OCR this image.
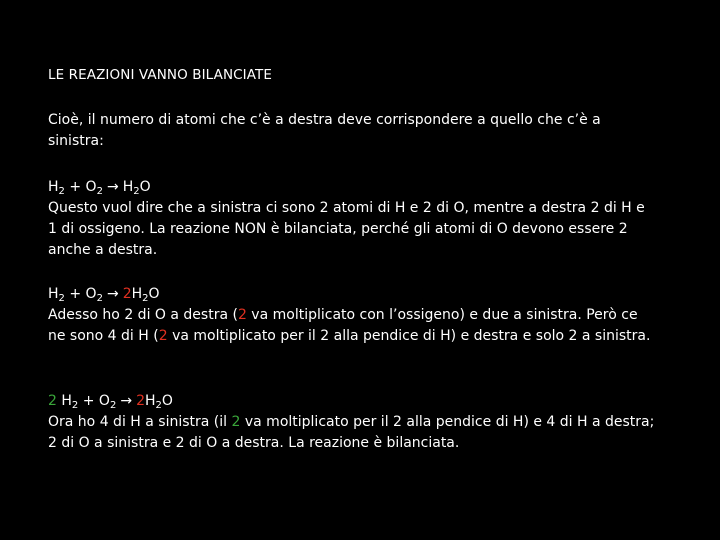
LE REAZIONI VANNO BILANCIATE
Cioè, il numero di atomi che c’è a destra deve corrispondere a quello che c’è a sinistra:
$H_2 + O_2 \to H_2O$
Questo vuol dire che a sinistra ci sono 2 atomi di H e 2 di O, mentre a destra 2 di H e 1 di ossigeno. La reazione NON è bilanciata, perché gli atomi di O devono essere 2 anche a destra.
$H_2 + O_2 \to 2H_2O$
Adesso ho 2 di O a destra (2 va moltiplicato con l’ossigeno) e due a sinistra. Però ce ne sono 4 di H (2 va moltiplicato per il 2 alla pendice di H) e destra e solo 2 a sinistra.
2 $H_2 + O_2 \to 2H_2O$
Ora ho 4 di H a sinistra (il 2 va moltiplicato per il 2 alla pendice di H) e 4 di H a destra; 2 di O a sinistra e 2 di O a destra. La reazione è bilanciata.
